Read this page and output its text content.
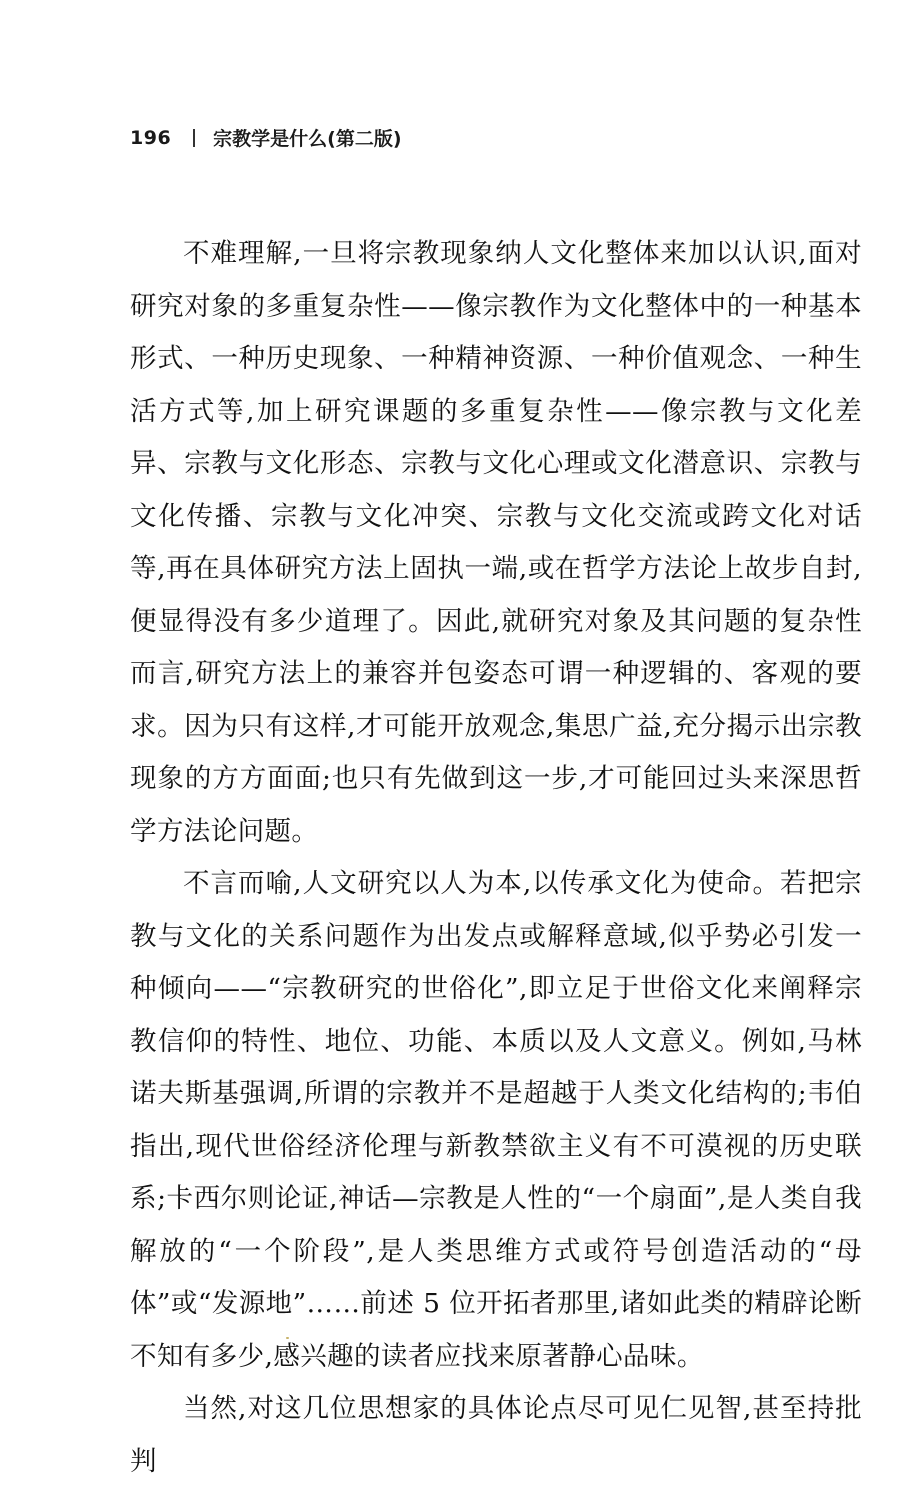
196 宗教学是什么(第二版)

不难理解,一旦将宗教现象纳人文化整体来加以认识,面对研究对象的多重复杂性——像宗教作为文化整体中的一种基本形式、一种历史现象、一种精神资源、一种价值观念、一种生活方式等,加上研究课题的多重复杂性——像宗教与文化差异、宗教与文化形态、宗教与文化心理或文化潜意识、宗教与文化传播、宗教与文化冲突、宗教与文化交流或跨文化对话等,再在具体研究方法上固执一端,或在哲学方法论上故步自封,便显得没有多少道理了。因此,就研究对象及其问题的复杂性而言,研究方法上的兼容并包姿态可谓一种逻辑的、客观的要求。因为只有这样,才可能开放观念,集思广益,充分揭示出宗教现象的方方面面;也只有先做到这一步,才可能回过头来深思哲学方法论问题。

不言而喻,人文研究以人为本,以传承文化为使命。若把宗教与文化的关系问题作为出发点或解释意域,似乎势必引发一种倾向——“宗教研究的世俗化”,即立足于世俗文化来阐释宗教信仰的特性、地位、功能、本质以及人文意义。例如,马林诺夫斯基强调,所谓的宗教并不是超越于人类文化结构的;韦伯指出,现代世俗经济伦理与新教禁欲主义有不可漠视的历史联系;卡西尔则论证,神话—宗教是人性的“一个扇面”,是人类自我解放的“一个阶段”,是人类思维方式或符号创造活动的“母体”或“发源地”……前述 5 位开拓者那里,诸如此类的精辟论断不知有多少,感兴趣的读者应找来原著静心品味。

当然,对这几位思想家的具体论点尽可见仁见智,甚至持批判
